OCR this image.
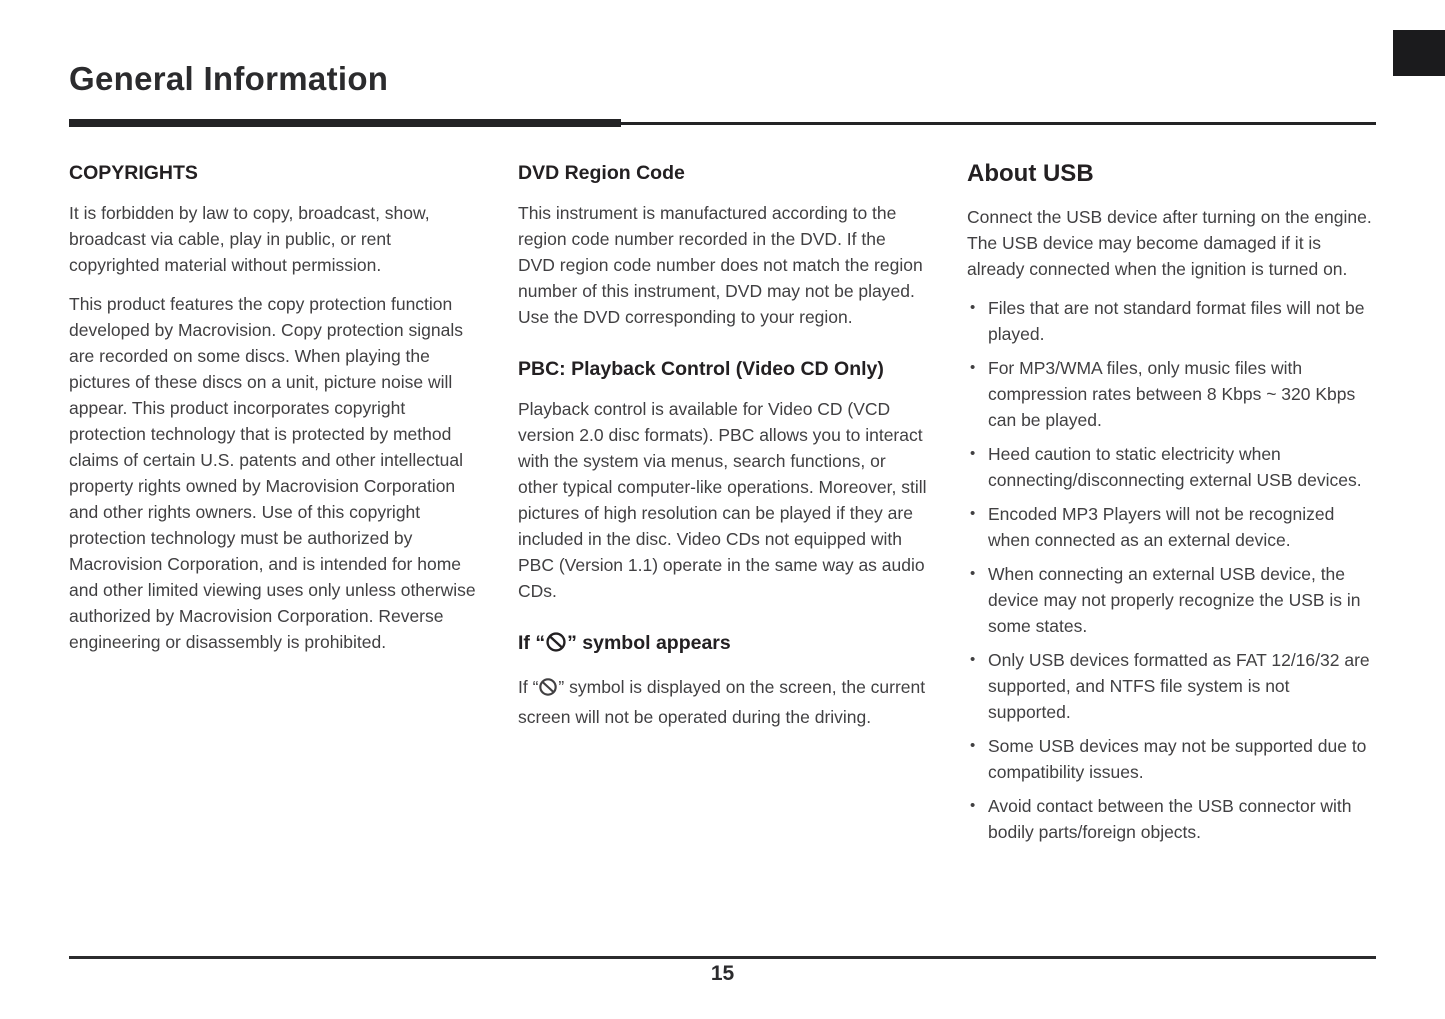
General Information
COPYRIGHTS

It is forbidden by law to copy, broadcast, show, broadcast via cable, play in public, or rent copyrighted material without permission.

This product features the copy protection function developed by Macrovision. Copy protection signals are recorded on some discs. When playing the pictures of these discs on a unit, picture noise will appear. This product incorporates copyright protection technology that is protected by method claims of certain U.S. patents and other intellectual property rights owned by Macrovision Corporation and other rights owners. Use of this copyright protection technology must be authorized by Macrovision Corporation, and is intended for home and other limited viewing uses only unless otherwise authorized by Macrovision Corporation. Reverse engineering or disassembly is prohibited.

DVD Region Code

This instrument is manufactured according to the region code number recorded in the DVD. If the DVD region code number does not match the region number of this instrument, DVD may not be played. Use the DVD corresponding to your region.

PBC: Playback Control (Video CD Only)

Playback control is available for Video CD (VCD version 2.0 disc formats). PBC allows you to interact with the system via menus, search functions, or other typical computer-like operations. Moreover, still pictures of high resolution can be played if they are included in the disc. Video CDs not equipped with PBC (Version 1.1) operate in the same way as audio CDs.

If “ ” symbol appears

If “ ” symbol is displayed on the screen, the current screen will not be operated during the driving.

About USB

Connect the USB device after turning on the engine. The USB device may become damaged if it is already connected when the ignition is turned on.

• Files that are not standard format files will not be played.
• For MP3/WMA files, only music files with compression rates between 8 Kbps ~ 320 Kbps can be played.
• Heed caution to static electricity when connecting/disconnecting external USB devices.
• Encoded MP3 Players will not be recognized when connected as an external device.
• When connecting an external USB device, the device may not properly recognize the USB is in some states.
• Only USB devices formatted as FAT 12/16/32 are supported, and NTFS file system is not supported.
• Some USB devices may not be supported due to compatibility issues.
• Avoid contact between the USB connector with bodily parts/foreign objects.
15
